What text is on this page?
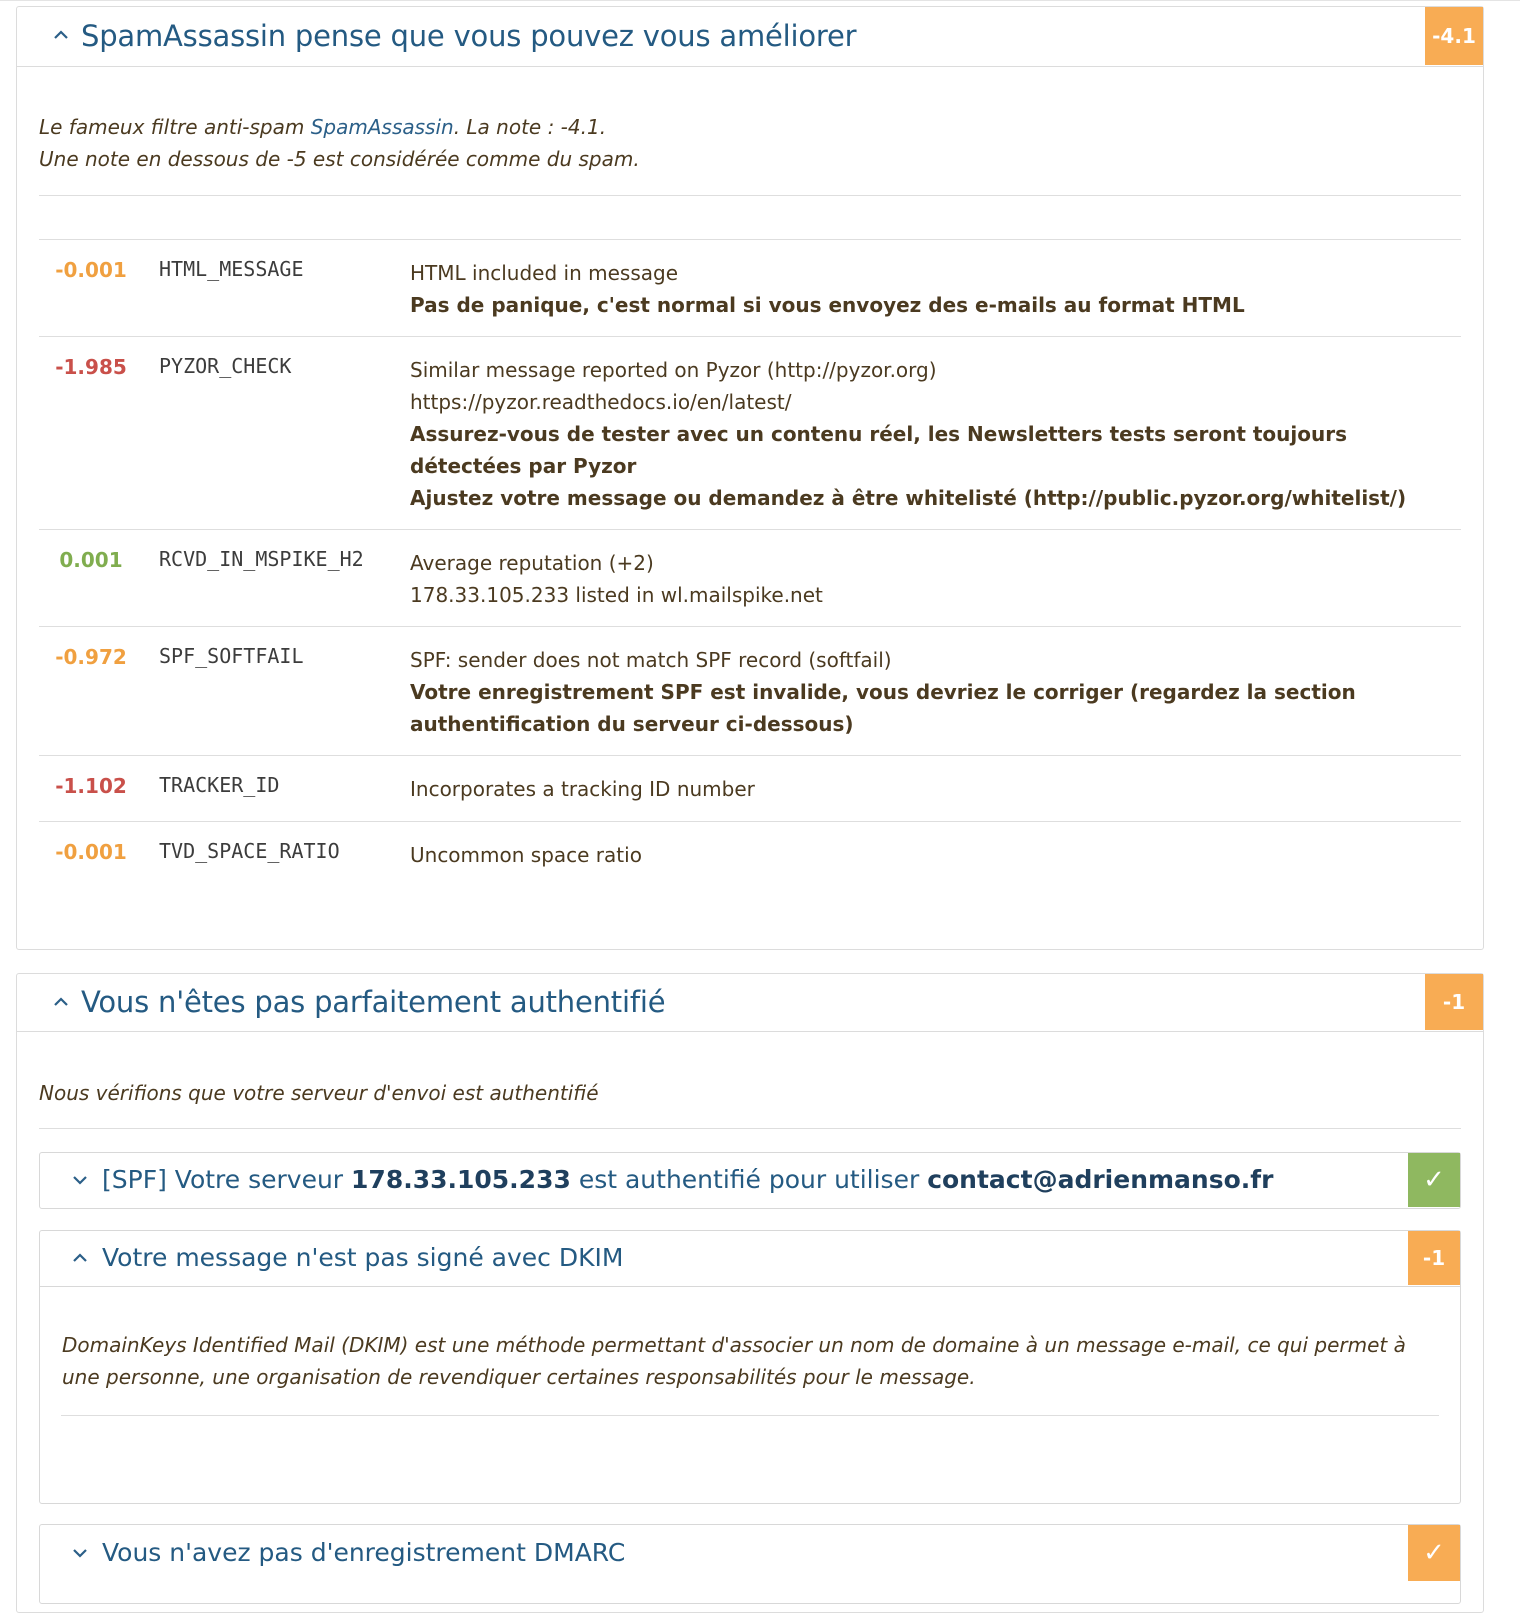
SpamAssassin pense que vous pouvez vous améliorer	-4.1
Le fameux filtre anti-spam SpamAssassin. La note : -4.1.
Une note en dessous de -5 est considérée comme du spam.
-0.001	HTML_MESSAGE	HTML included in message
Pas de panique, c'est normal si vous envoyez des e-mails au format HTML
-1.985	PYZOR_CHECK	Similar message reported on Pyzor (http://pyzor.org)
https://pyzor.readthedocs.io/en/latest/
Assurez-vous de tester avec un contenu réel, les Newsletters tests seront toujours détectées par Pyzor
Ajustez votre message ou demandez à être whitelisté (http://public.pyzor.org/whitelist/)
0.001	RCVD_IN_MSPIKE_H2 Average reputation (+2)
178.33.105.233 listed in wl.mailspike.net
-0.972	SPF_SOFTFAIL	SPF: sender does not match SPF record (softfail)
Votre enregistrement SPF est invalide, vous devriez le corriger (regardez la section authentification du serveur ci-dessous)
-1.102	TRACKER_ID	Incorporates a tracking ID number
-0.001	TVD_SPACE_RATIO	Uncommon space ratio
Vous n'êtes pas parfaitement authentifié	-1
Nous vérifions que votre serveur d'envoi est authentifié
[SPF] Votre serveur 178.33.105.233 est authentifié pour utiliser contact@adrienmanso.fr	✓
Votre message n'est pas signé avec DKIM	-1
DomainKeys Identified Mail (DKIM) est une méthode permettant d'associer un nom de domaine à un message e-mail, ce qui permet à une personne, une organisation de revendiquer certaines responsabilités pour le message.
Vous n'avez pas d'enregistrement DMARC	✓
